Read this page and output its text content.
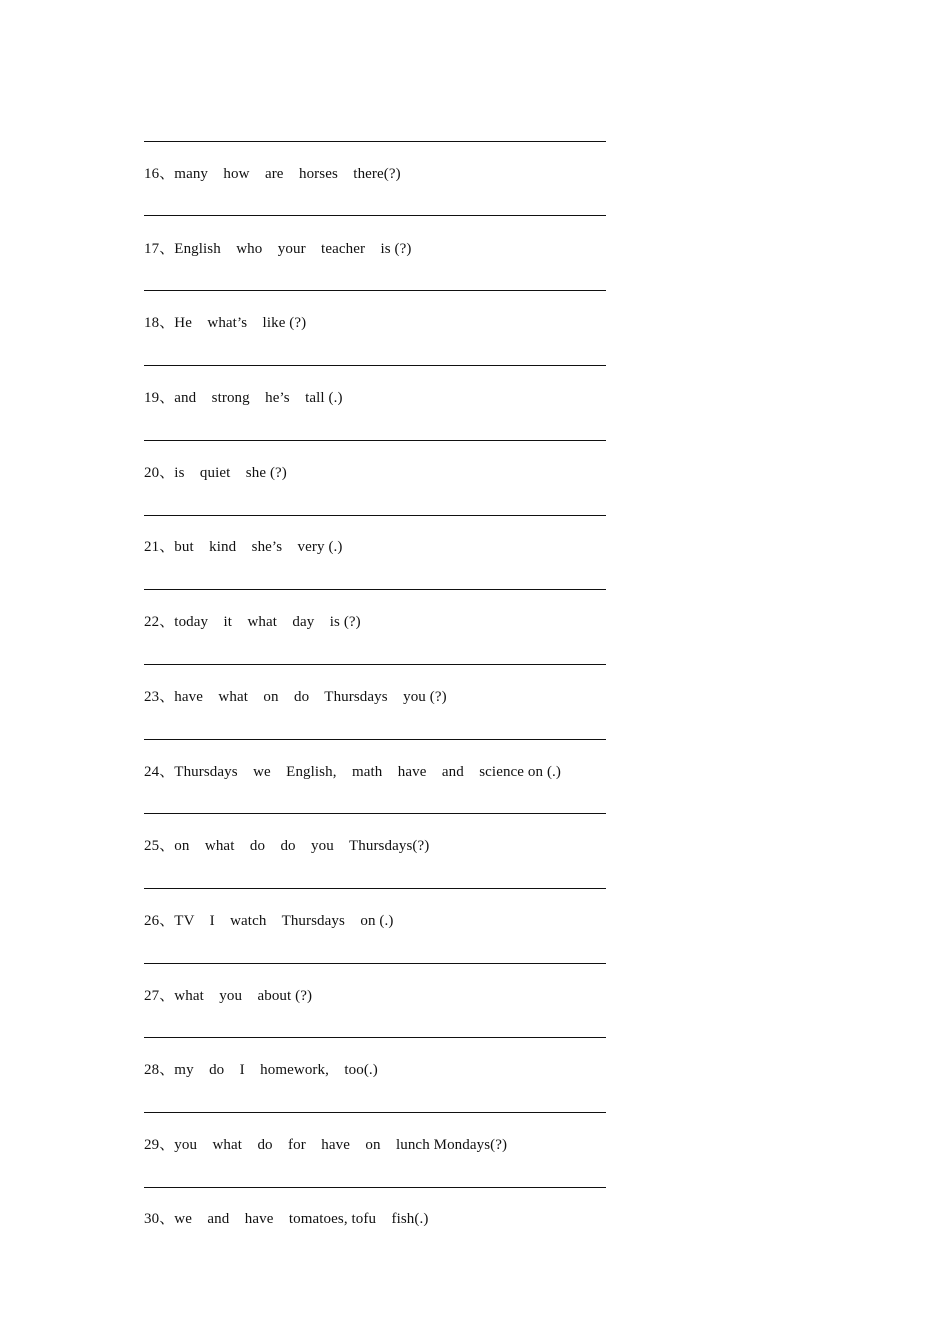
16、many    how    are    horses    there(?)
17、English    who    your    teacher    is (?)
18、He    what’s    like (?)
19、and    strong    he’s    tall (.)
20、is    quiet    she (?)
21、but    kind    she’s    very (.)
22、today    it    what    day    is (?)
23、have    what    on    do    Thursdays    you (?)
24、Thursdays    we    English,    math    have    and    science on (.)
25、on    what    do    do    you    Thursdays(?)
26、TV    I    watch    Thursdays    on (.)
27、what    you    about (?)
28、my    do    I    homework,    too(.)
29、you    what    do    for    have    on    lunch Mondays(?)
30、we    and    have    tomatoes, tofu    fish(.)
